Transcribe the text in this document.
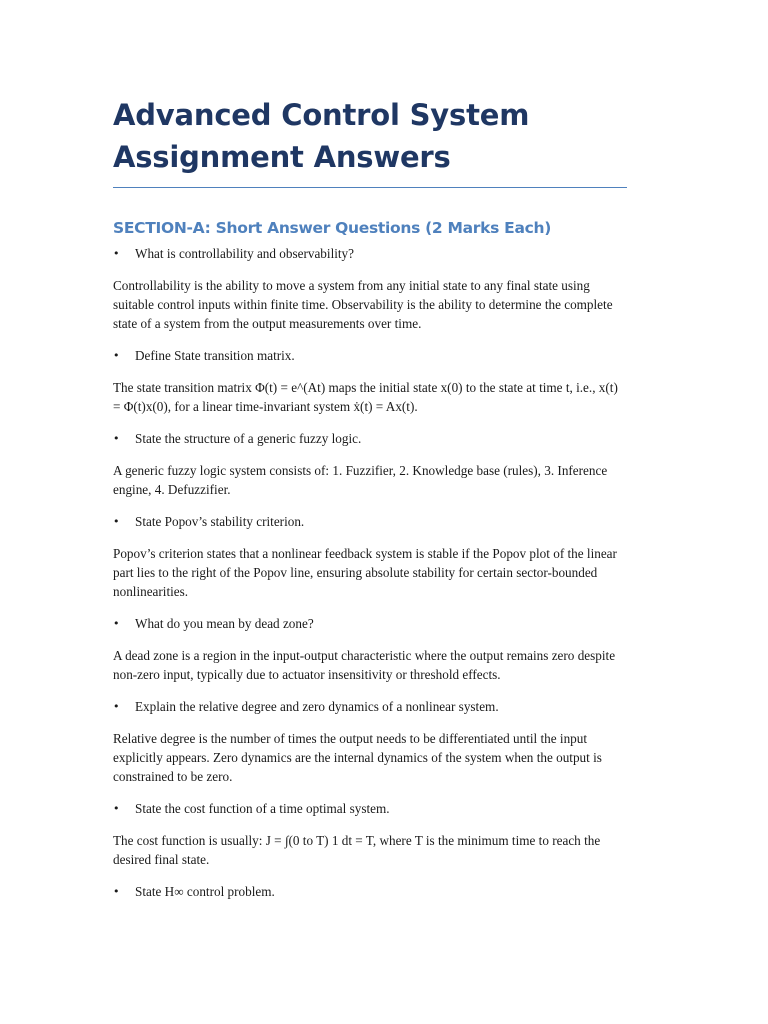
Advanced Control System Assignment Answers
SECTION-A: Short Answer Questions (2 Marks Each)
• What is controllability and observability?

Controllability is the ability to move a system from any initial state to any final state using suitable control inputs within finite time. Observability is the ability to determine the complete state of a system from the output measurements over time.

• Define State transition matrix.

The state transition matrix Φ(t) = e^(At) maps the initial state x(0) to the state at time t, i.e., x(t) = Φ(t)x(0), for a linear time-invariant system ẋ(t) = Ax(t).

• State the structure of a generic fuzzy logic.

A generic fuzzy logic system consists of: 1. Fuzzifier, 2. Knowledge base (rules), 3. Inference engine, 4. Defuzzifier.

• State Popov’s stability criterion.

Popov’s criterion states that a nonlinear feedback system is stable if the Popov plot of the linear part lies to the right of the Popov line, ensuring absolute stability for certain sector-bounded nonlinearities.

• What do you mean by dead zone?

A dead zone is a region in the input-output characteristic where the output remains zero despite non-zero input, typically due to actuator insensitivity or threshold effects.

• Explain the relative degree and zero dynamics of a nonlinear system.

Relative degree is the number of times the output needs to be differentiated until the input explicitly appears. Zero dynamics are the internal dynamics of the system when the output is constrained to be zero.

• State the cost function of a time optimal system.

The cost function is usually: J = ∫(0 to T) 1 dt = T, where T is the minimum time to reach the desired final state.

• State H∞ control problem.
